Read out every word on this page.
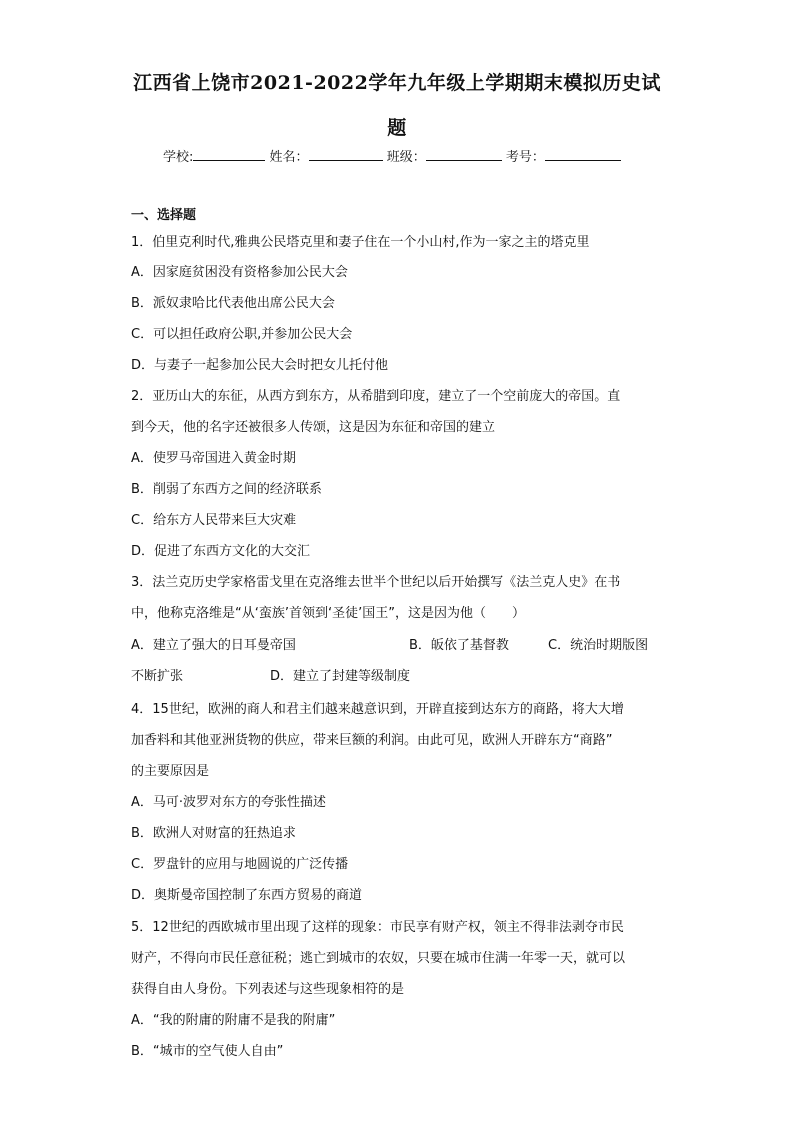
江西省上饶市2021-2022学年九年级上学期期末模拟历史试
题
学校:	姓名：	班级：	考号：
一、选择题
1．伯里克利时代,雅典公民塔克里和妻子住在一个小山村,作为一家之主的塔克里
A．因家庭贫困没有资格参加公民大会
B．派奴隶哈比代表他出席公民大会
C．可以担任政府公职,并参加公民大会
D．与妻子一起参加公民大会时把女儿托付他
2．亚历山大的东征，从西方到东方，从希腊到印度，建立了一个空前庞大的帝国。直
到今天，他的名字还被很多人传颂，这是因为东征和帝国的建立
A．使罗马帝国进入黄金时期
B．削弱了东西方之间的经济联系
C．给东方人民带来巨大灾难
D．促进了东西方文化的大交汇
3．法兰克历史学家格雷戈里在克洛维去世半个世纪以后开始撰写《法兰克人史》在书
中，他称克洛维是“从‘蛮族’首领到‘圣徒’国王”，这是因为他（　　）
A．建立了强大的日耳曼帝国	B．皈依了基督教	C．统治时期版图
不断扩张	D．建立了封建等级制度
4．15世纪，欧洲的商人和君主们越来越意识到，开辟直接到达东方的商路，将大大增
加香料和其他亚洲货物的供应，带来巨额的利润。由此可见，欧洲人开辟东方“商路”
的主要原因是
A．马可·波罗对东方的夸张性描述
B．欧洲人对财富的狂热追求
C．罗盘针的应用与地圆说的广泛传播
D．奥斯曼帝国控制了东西方贸易的商道
5．12世纪的西欧城市里出现了这样的现象：市民享有财产权，领主不得非法剥夺市民
财产，不得向市民任意征税；逃亡到城市的农奴，只要在城市住满一年零一天，就可以
获得自由人身份。下列表述与这些现象相符的是
A．“我的附庸的附庸不是我的附庸”
B．“城市的空气使人自由”
